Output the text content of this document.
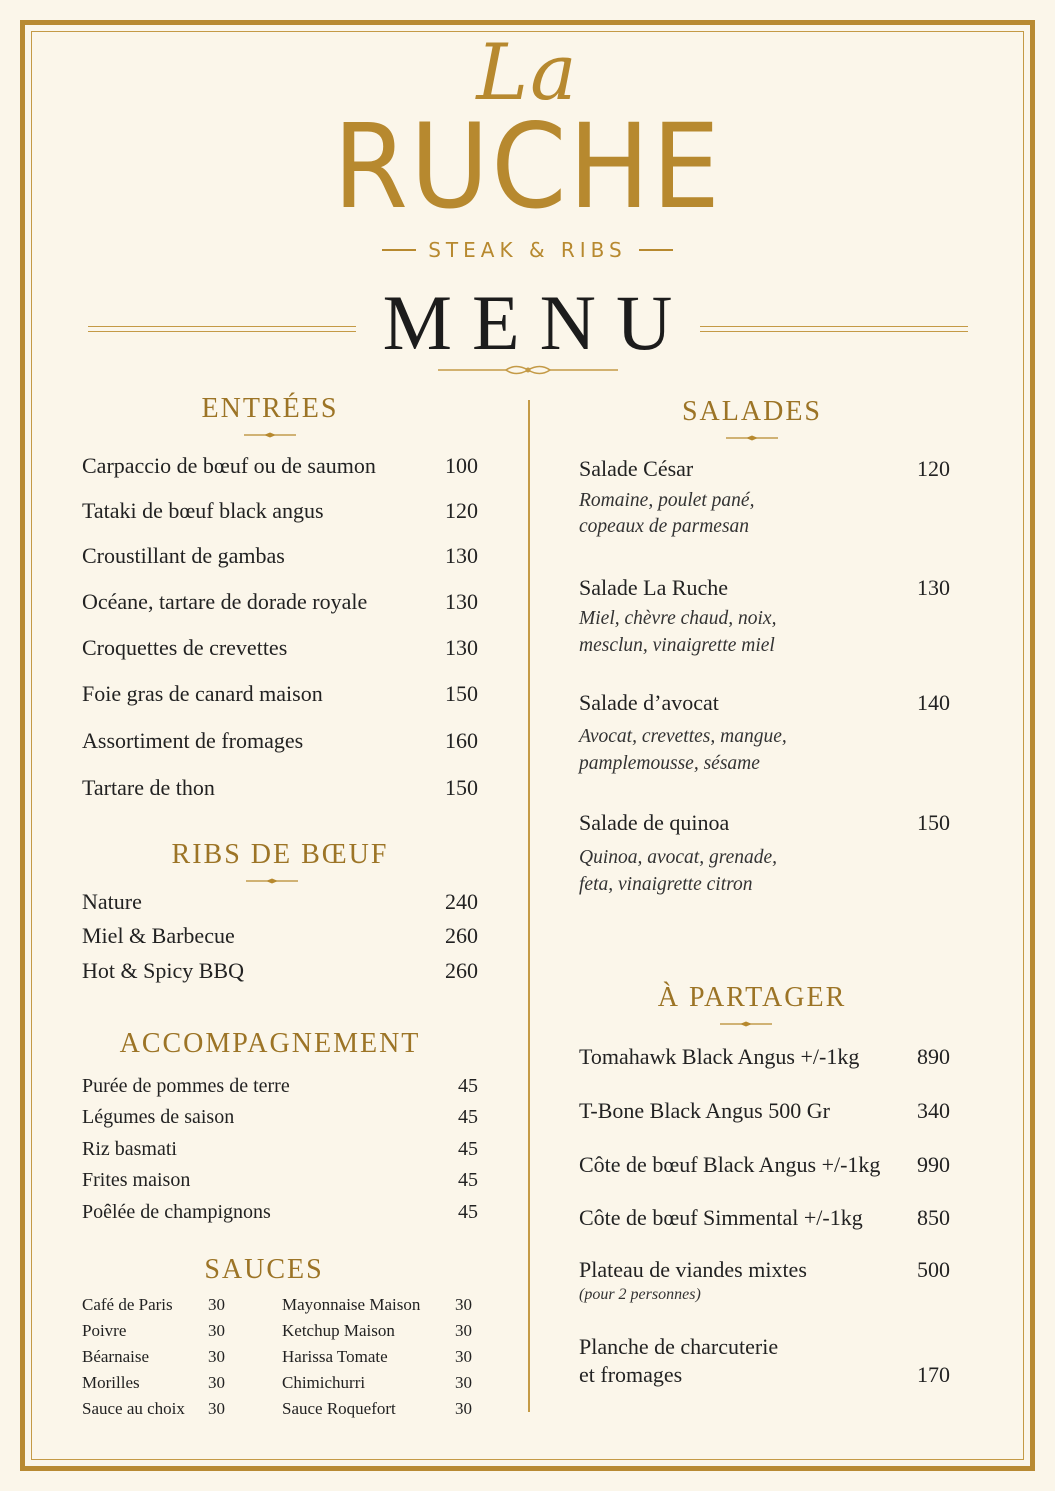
La
RUCHE
STEAK & RIBS
MENU
ENTRÉES
Carpaccio de bœuf ou de saumon	100
Tataki de bœuf black angus	120
Croustillant de gambas	130
Océane, tartare de dorade royale	130
Croquettes de crevettes	130
Foie gras de canard maison	150
Assortiment de fromages	160
Tartare de thon	150
RIBS DE BŒUF
Nature	240
Miel & Barbecue	260
Hot & Spicy BBQ	260
ACCOMPAGNEMENT
Purée de pommes de terre	45
Légumes de saison	45
Riz basmati	45
Frites maison	45
Poêlée de champignons	45
SAUCES
Café de Paris 30
Poivre	30
Béarnaise	30
Morilles	30
Sauce au choix 30
Mayonnaise Maison 30
Ketchup Maison	30
Harissa Tomate	30
Chimichurri	30
Sauce Roquefort	30
SALADES
Salade César	120
Romaine, poulet pané,
copeaux de parmesan
Salade La Ruche	130
Miel, chèvre chaud, noix,
mesclun, vinaigrette miel
Salade d’avocat	140
Avocat, crevettes, mangue,
pamplemousse, sésame
Salade de quinoa	150
Quinoa, avocat, grenade,
feta, vinaigrette citron
À PARTAGER
Tomahawk Black Angus +/-1kg	890
T-Bone Black Angus 500 Gr	340
Côte de bœuf Black Angus +/-1kg 990
Côte de bœuf Simmental +/-1kg 850
Plateau de viandes mixtes	500
(pour 2 personnes)
Planche de charcuterie
et fromages	170
